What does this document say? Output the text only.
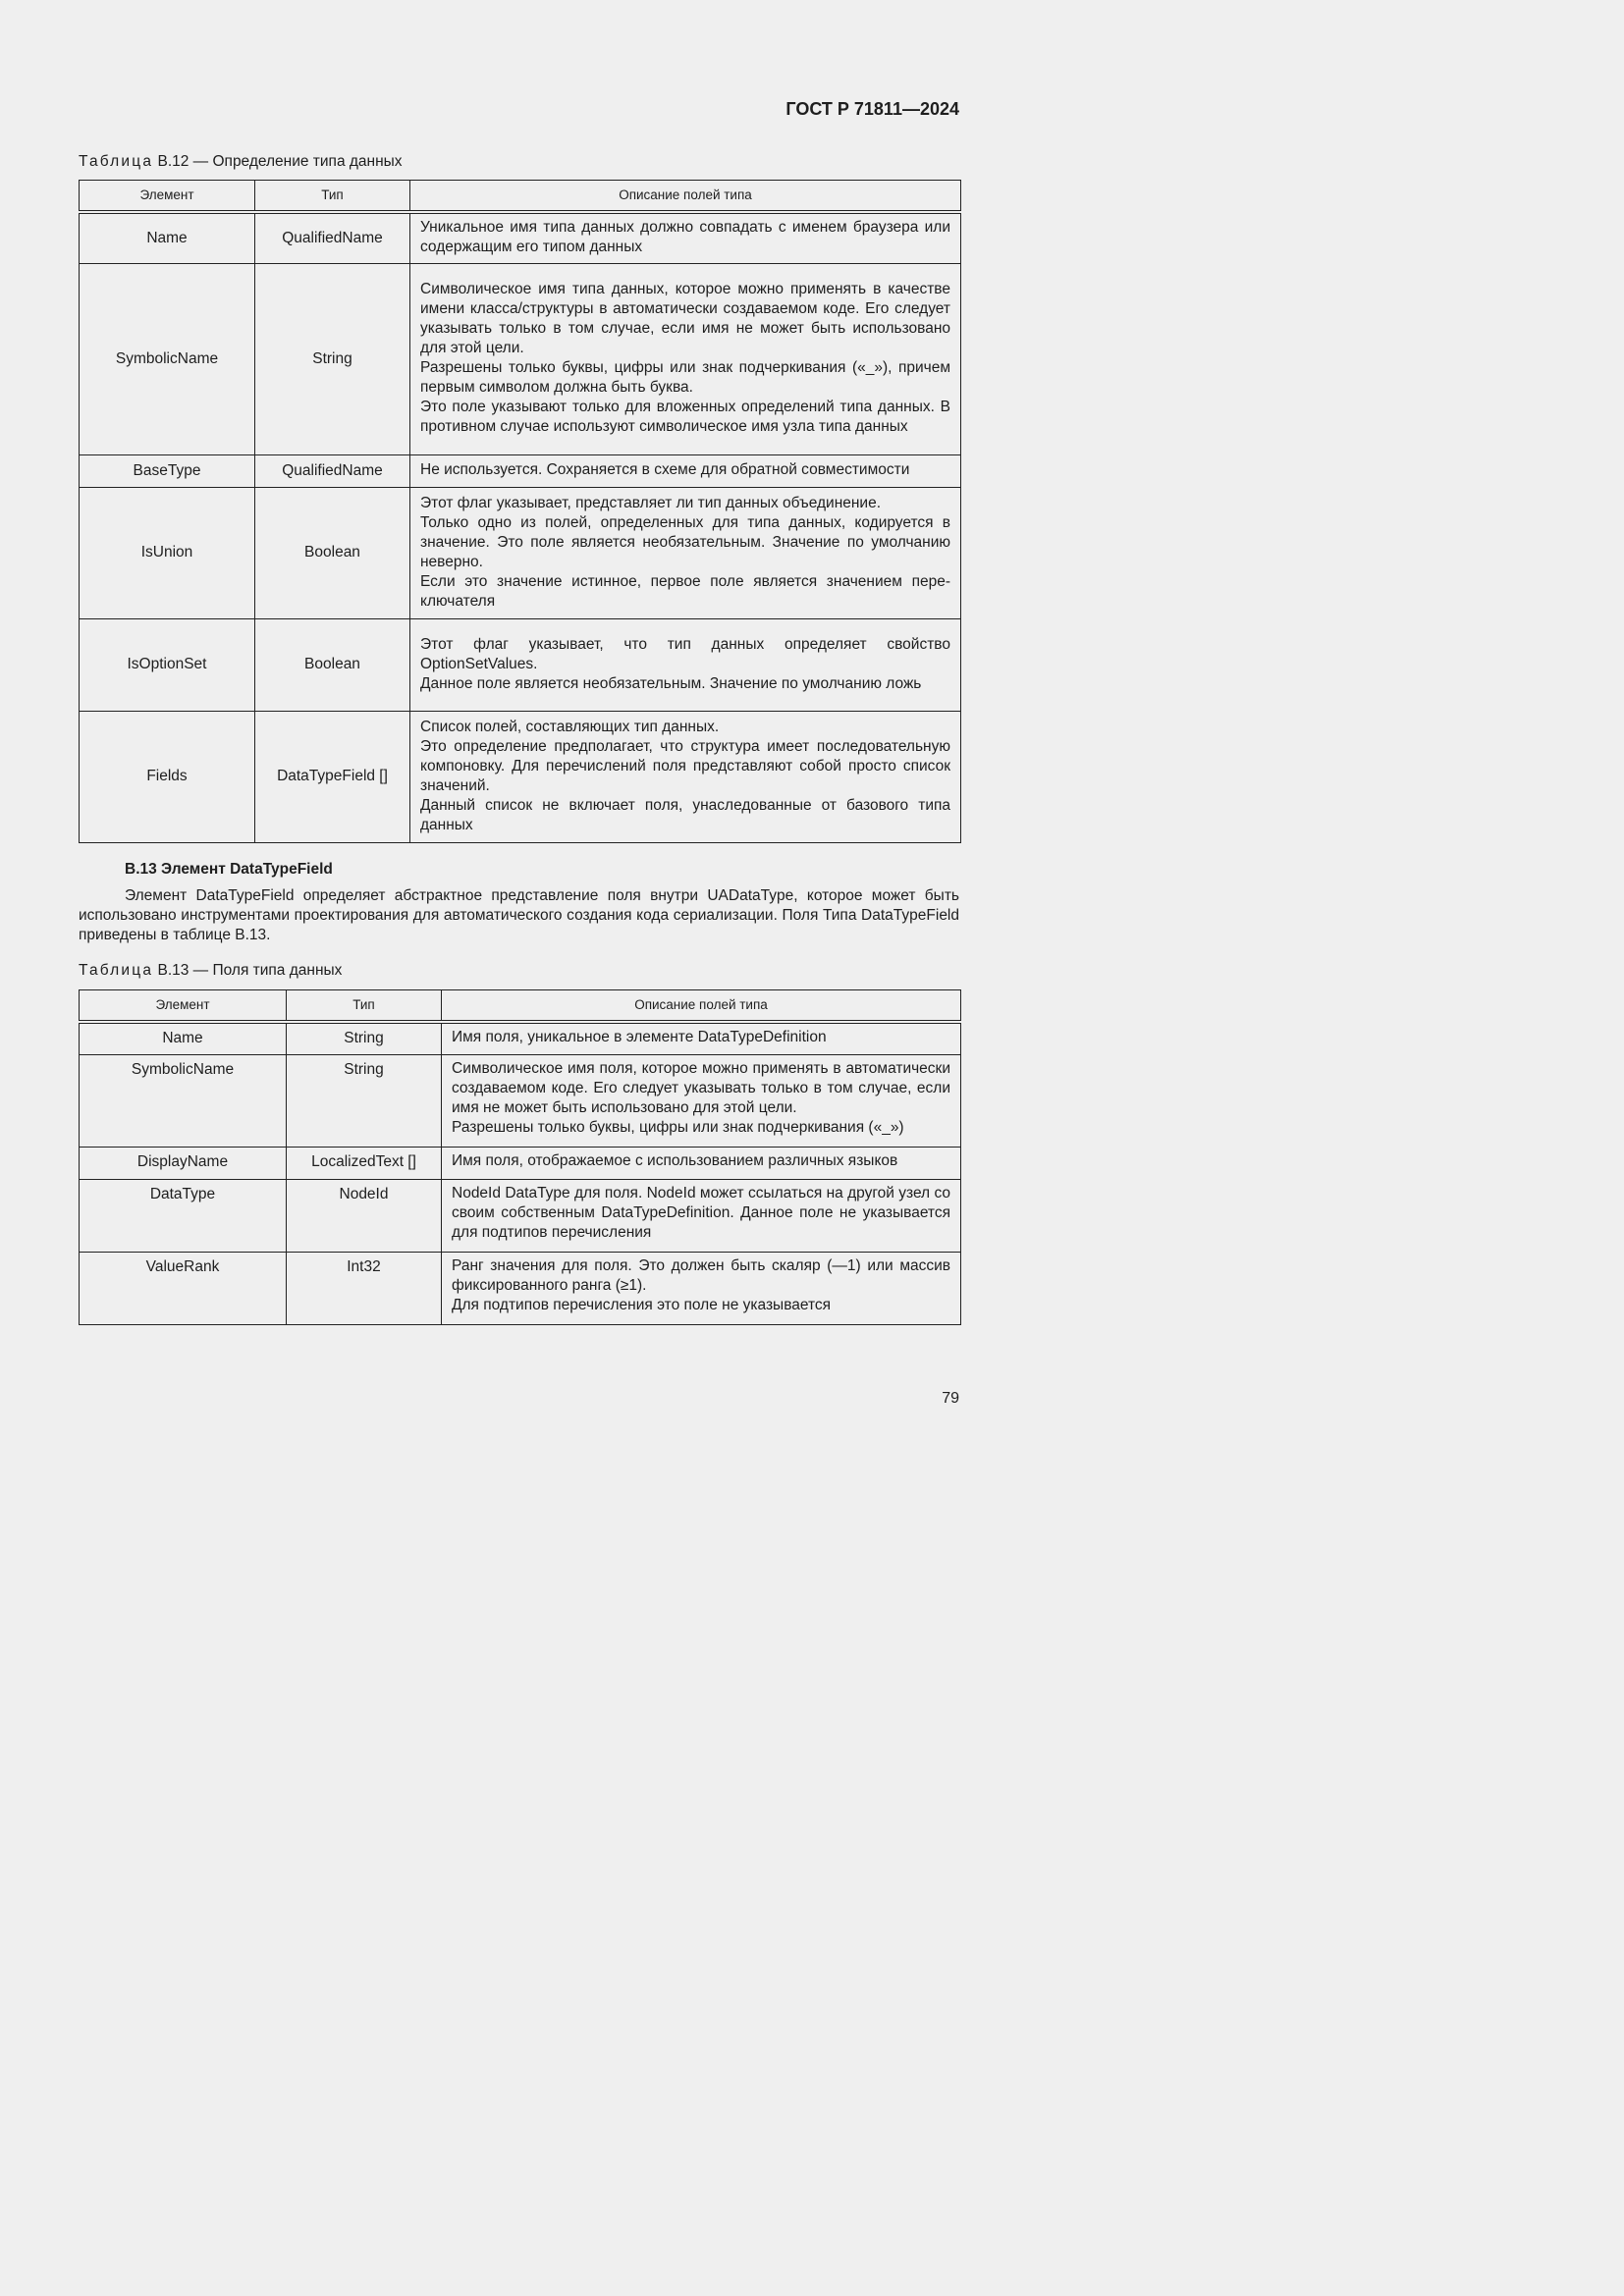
ГОСТ Р 71811—2024

Таблица В.12 — Определение типа данных

Элемент	Тип	Описание полей типа
Name	QualifiedName	Уникальное имя типа данных должно совпадать с именем браузера или содержащим его типом данных
SymbolicName	String	Символическое имя типа данных, которое можно применять в качестве имени класса/структуры в автоматически создаваемом коде. Его следует указывать только в том случае, если имя не может быть использовано для этой цели.
Разрешены только буквы, цифры или знак подчеркивания («_»), причем первым символом должна быть буква.
Это поле указывают только для вложенных определений типа данных. В противном случае используют символическое имя узла типа данных
BaseType	QualifiedName	Не используется. Сохраняется в схеме для обратной совместимости
IsUnion	Boolean	Этот флаг указывает, представляет ли тип данных объединение.
Только одно из полей, определенных для типа данных, кодируется в значение. Это поле является необязательным. Значение по умолчанию неверно.
Если это значение истинное, первое поле является значением переключателя
IsOptionSet	Boolean	Этот флаг указывает, что тип данных определяет свойство OptionSetValues.
Данное поле является необязательным. Значение по умолчанию ложь
Fields	DataTypeField []	Список полей, составляющих тип данных.
Это определение предполагает, что структура имеет последовательную компоновку. Для перечислений поля представляют собой просто список значений.
Данный список не включает поля, унаследованные от базового типа данных
В.13 Элемент DataTypeField

Элемент DataTypeField определяет абстрактное представление поля внутри UADataType, которое может быть использовано инструментами проектирования для автоматического создания кода сериализации. Поля Типа DataTypeField приведены в таблице В.13.

Таблица В.13 — Поля типа данных

Элемент	Тип	Описание полей типа
Name	String	Имя поля, уникальное в элементе DataTypeDefinition
SymbolicName	String	Символическое имя поля, которое можно применять в автоматически создаваемом коде. Его следует указывать только в том случае, если имя не может быть использовано для этой цели.
Разрешены только буквы, цифры или знак подчеркивания («_»)
DisplayName	LocalizedText []	Имя поля, отображаемое с использованием различных языков
DataType	NodeId	NodeId DataType для поля. NodeId может ссылаться на другой узел со своим собственным DataTypeDefinition. Данное поле не указывается для подтипов перечисления
ValueRank	Int32	Ранг значения для поля. Это должен быть скаляр (—1) или массив фиксированного ранга (≥1).
Для подтипов перечисления это поле не указывается
79
